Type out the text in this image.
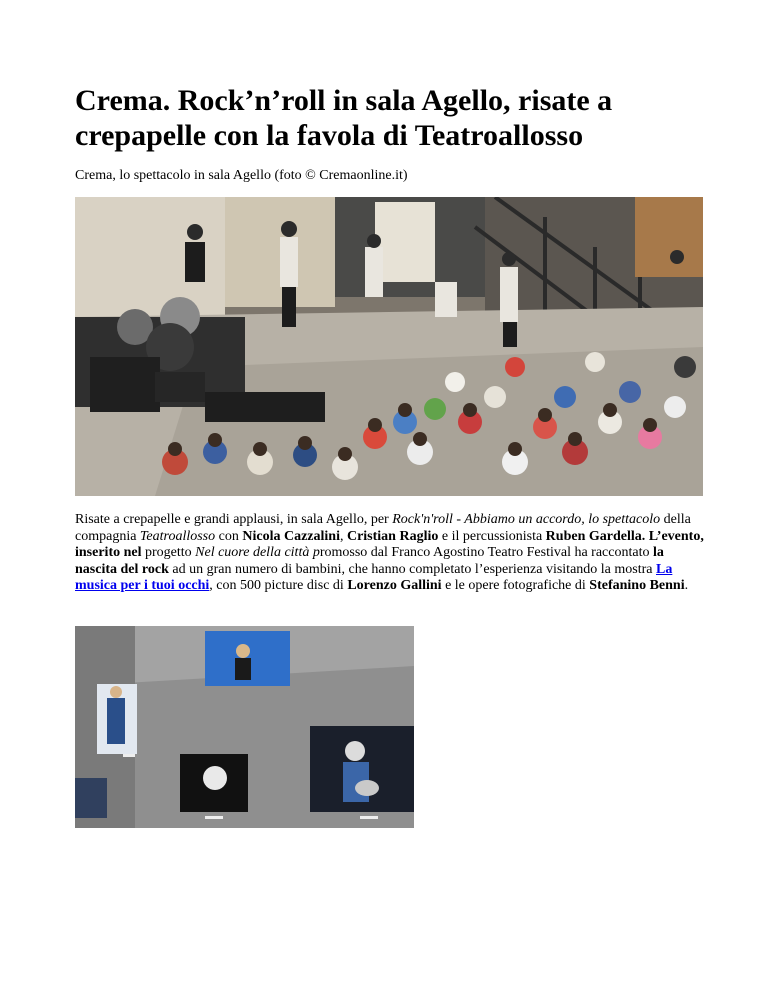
Crema. Rock’n’roll in sala Agello, risate a crepapelle con la favola di Teatroallosso

Crema, lo spettacolo in sala Agello (foto © Cremaonline.it)

Risate a crepapelle e grandi applausi, in sala Agello, per Rock'n'roll - Abbiamo un accordo, lo spettacolo della compagnia Teatroallosso con Nicola Cazzalini, Cristian Raglio e il percussionista Ruben Gardella. L’evento, inserito nel progetto Nel cuore della città promosso dal Franco Agostino Teatro Festival ha raccontato la nascita del rock ad un gran numero di bambini, che hanno completato l’esperienza visitando la mostra La musica per i tuoi occhi, con 500 picture disc di Lorenzo Gallini e le opere fotografiche di Stefanino Benni.
